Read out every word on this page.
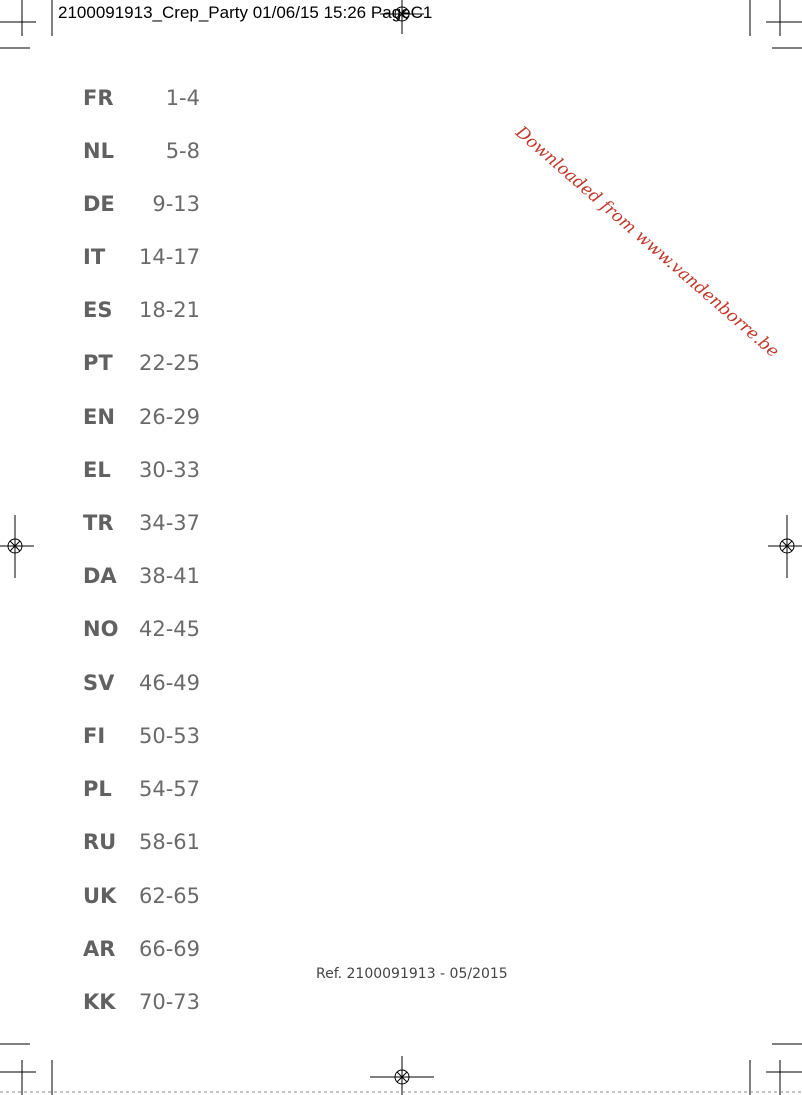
2100091913_Crep_Party 01/06/15 15:26 PageC1
Downloaded from www.vandenborre.be
FR 1-4
NL 5-8
DE 9-13
IT 14-17
ES 18-21
PT 22-25
EN 26-29
EL 30-33
TR 34-37
DA 38-41
NO 42-45
SV 46-49
FI 50-53
PL 54-57
RU 58-61
UK 62-65
AR 66-69
KK 70-73
Ref. 2100091913 - 05/2015
